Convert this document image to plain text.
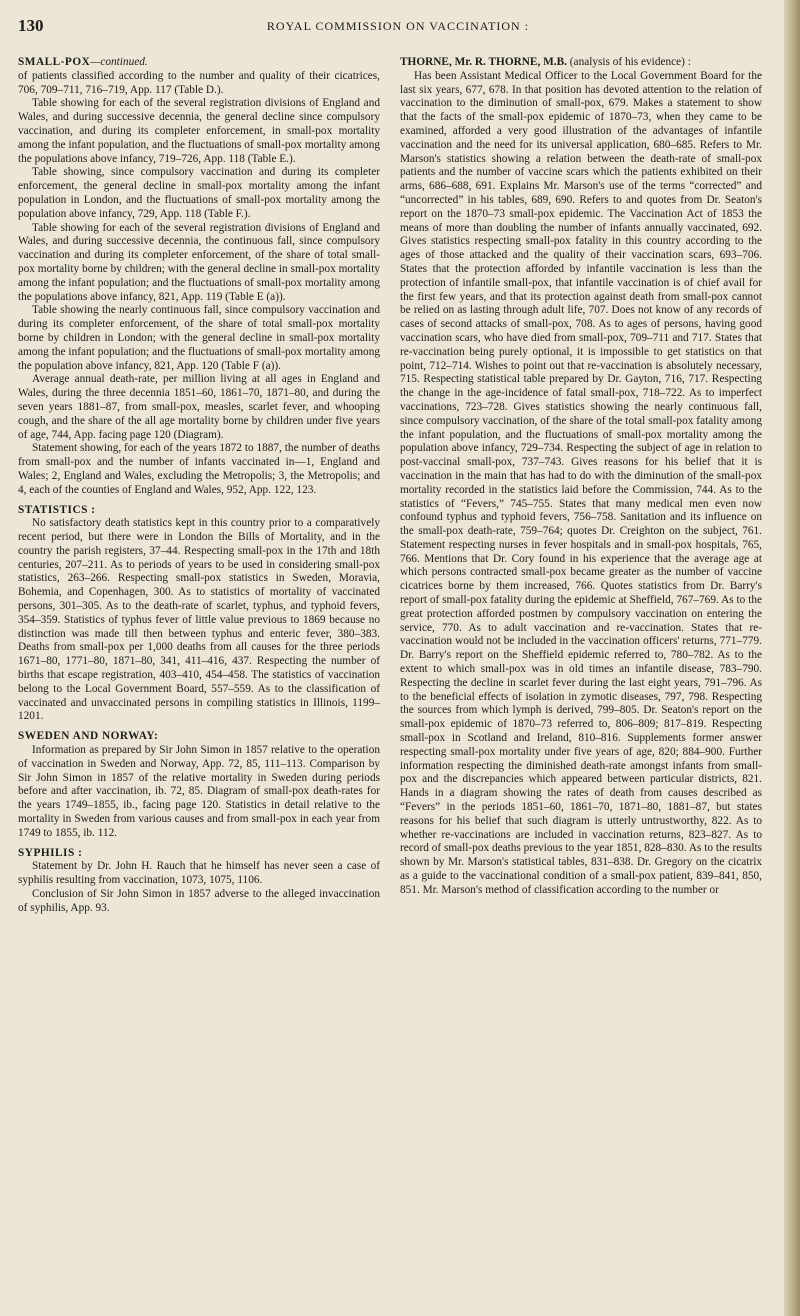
130	ROYAL COMMISSION ON VACCINATION :

SMALL-POX—continued.

of patients classified according to the number and quality of their cicatrices, 706, 709–711, 716–719, App. 117 (Table D.).

Table showing for each of the several registration divisions of England and Wales, and during successive decennia, the general decline since compulsory vaccination, and during its completer enforcement, in small-pox mortality among the infant population, and the fluctuations of small-pox mortality among the populations above infancy, 719–726, App. 118 (Table E.).

Table showing, since compulsory vaccination and during its completer enforcement, the general decline in small-pox mortality among the infant population in London, and the fluctuations of small-pox mortality among the population above infancy, 729, App. 118 (Table F.).

Table showing for each of the several registration divisions of England and Wales, and during successive decennia, the continuous fall, since compulsory vaccination and during its completer enforcement, of the share of total small-pox mortality borne by children; with the general decline in small-pox mortality among the infant population; and the fluctuations of small-pox mortality among the populations above infancy, 821, App. 119 (Table E (a)).

Table showing the nearly continuous fall, since compulsory vaccination and during its completer enforcement, of the share of total small-pox mortality borne by children in London; with the general decline in small-pox mortality among the infant population; and the fluctuations of small-pox mortality among the population above infancy, 821, App. 120 (Table F (a)).

Average annual death-rate, per million living at all ages in England and Wales, during the three decennia 1851–60, 1861–70, 1871–80, and during the seven years 1881–87, from small-pox, measles, scarlet fever, and whooping cough, and the share of the all age mortality borne by children under five years of age, 744, App. facing page 120 (Diagram).

Statement showing, for each of the years 1872 to 1887, the number of deaths from small-pox and the number of infants vaccinated in—1, England and Wales; 2, England and Wales, excluding the Metropolis; 3, the Metropolis; and 4, each of the counties of England and Wales, 952, App. 122, 123.

STATISTICS :

No satisfactory death statistics kept in this country prior to a comparatively recent period, but there were in London the Bills of Mortality, and in the country the parish registers, 37–44. Respecting small-pox in the 17th and 18th centuries, 207–211. As to periods of years to be used in considering small-pox statistics, 263–266. Respecting small-pox statistics in Sweden, Moravia, Bohemia, and Copenhagen, 300. As to statistics of mortality of vaccinated persons, 301–305. As to the death-rate of scarlet, typhus, and typhoid fevers, 354–359. Statistics of typhus fever of little value previous to 1869 because no distinction was made till then between typhus and enteric fever, 380–383. Deaths from small-pox per 1,000 deaths from all causes for the three periods 1671–80, 1771–80, 1871–80, 341, 411–416, 437. Respecting the number of births that escape registration, 403–410, 454–458. The statistics of vaccination belong to the Local Government Board, 557–559. As to the classification of vaccinated and unvaccinated persons in compiling statistics in Illinois, 1199–1201.

SWEDEN AND NORWAY:

Information as prepared by Sir John Simon in 1857 relative to the operation of vaccination in Sweden and Norway, App. 72, 85, 111–113. Comparison by Sir John Simon in 1857 of the relative mortality in Sweden during periods before and after vaccination, ib. 72, 85. Diagram of small-pox death-rates for the years 1749–1855, ib., facing page 120. Statistics in detail relative to the mortality in Sweden from various causes and from small-pox in each year from 1749 to 1855, ib. 112.

SYPHILIS :

Statement by Dr. John H. Rauch that he himself has never seen a case of syphilis resulting from vaccination, 1073, 1075, 1106.

Conclusion of Sir John Simon in 1857 adverse to the alleged invaccination of syphilis, App. 93.

THORNE, Mr. R. THORNE, M.B. (analysis of his evidence) :

Has been Assistant Medical Officer to the Local Government Board for the last six years, 677, 678. In that position has devoted attention to the relation of vaccination to the diminution of small-pox, 679. Makes a statement to show that the facts of the small-pox epidemic of 1870–73, when they came to be examined, afforded a very good illustration of the advantages of infantile vaccination and the need for its universal application, 680–685. Refers to Mr. Marson's statistics showing a relation between the death-rate of small-pox patients and the number of vaccine scars which the patients exhibited on their arms, 686–688, 691. Explains Mr. Marson's use of the terms “corrected” and “uncorrected” in his tables, 689, 690. Refers to and quotes from Dr. Seaton's report on the 1870–73 small-pox epidemic. The Vaccination Act of 1853 the means of more than doubling the number of infants annually vaccinated, 692. Gives statistics respecting small-pox fatality in this country according to the ages of those attacked and the quality of their vaccination scars, 693–706. States that the protection afforded by infantile vaccination is less than the protection of infantile small-pox, that infantile vaccination is of chief avail for the first few years, and that its protection against death from small-pox cannot be relied on as lasting through adult life, 707. Does not know of any records of cases of second attacks of small-pox, 708. As to ages of persons, having good vaccination scars, who have died from small-pox, 709–711 and 717. States that re-vaccination being purely optional, it is impossible to get statistics on that point, 712–714. Wishes to point out that re-vaccination is absolutely necessary, 715. Respecting statistical table prepared by Dr. Gayton, 716, 717. Respecting the change in the age-incidence of fatal small-pox, 718–722. As to imperfect vaccinations, 723–728. Gives statistics showing the nearly continuous fall, since compulsory vaccination, of the share of the total small-pox fatality among the infant population, and the fluctuations of small-pox mortality among the population above infancy, 729–734. Respecting the subject of age in relation to post-vaccinal small-pox, 737–743. Gives reasons for his belief that it is vaccination in the main that has had to do with the diminution of the small-pox mortality recorded in the statistics laid before the Commission, 744. As to the statistics of “Fevers,” 745–755. States that many medical men even now confound typhus and typhoid fevers, 756–758. Sanitation and its influence on the small-pox death-rate, 759–764; quotes Dr. Creighton on the subject, 761. Statement respecting nurses in fever hospitals and in small-pox hospitals, 765, 766. Mentions that Dr. Cory found in his experience that the average age at which persons contracted small-pox became greater as the number of vaccine cicatrices borne by them increased, 766. Quotes statistics from Dr. Barry's report of small-pox fatality during the epidemic at Sheffield, 767–769. As to the great protection afforded postmen by compulsory vaccination on entering the service, 770. As to adult vaccination and re-vaccination. States that re-vaccination would not be included in the vaccination officers' returns, 771–779. Dr. Barry's report on the Sheffield epidemic referred to, 780–782. As to the extent to which small-pox was in old times an infantile disease, 783–790. Respecting the decline in scarlet fever during the last eight years, 791–796. As to the beneficial effects of isolation in zymotic diseases, 797, 798. Respecting the sources from which lymph is derived, 799–805. Dr. Seaton's report on the small-pox epidemic of 1870–73 referred to, 806–809; 817–819. Respecting small-pox in Scotland and Ireland, 810–816. Supplements former answer respecting small-pox mortality under five years of age, 820; 884–900. Further information respecting the diminished death-rate amongst infants from small-pox and the discrepancies which appeared between particular districts, 821. Hands in a diagram showing the rates of death from causes described as “Fevers” in the periods 1851–60, 1861–70, 1871–80, 1881–87, but states reasons for his belief that such diagram is utterly untrustworthy, 822. As to whether re-vaccinations are included in vaccination returns, 823–827. As to record of small-pox deaths previous to the year 1851, 828–830. As to the results shown by Mr. Marson's statistical tables, 831–838. Dr. Gregory on the cicatrix as a guide to the vaccinational condition of a small-pox patient, 839–841, 850, 851. Mr. Marson's method of classification according to the number or
